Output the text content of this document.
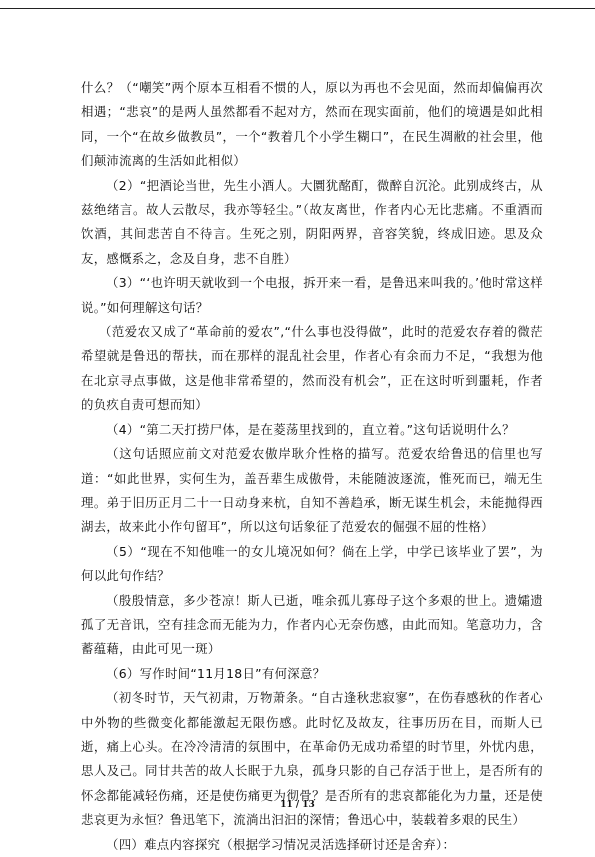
什么？（“嘲笑”两个原本互相看不惯的人，原以为再也不会见面，然而却偏偏再次相遇；“悲哀”的是两人虽然都看不起对方，然而在现实面前，他们的境遇是如此相同，一个“在故乡做教员”，一个“教着几个小学生糊口”，在民生凋敝的社会里，他们颠沛流离的生活如此相似）

（2）“把酒论当世，先生小酒人。大圜犹酩酊，微醉自沉沦。此别成终古，从兹绝绪言。故人云散尽，我亦等轻尘。”（故友离世，作者内心无比悲痛。不重酒而饮酒，其间悲苦自不待言。生死之别，阴阳两界，音容笑貌，终成旧迹。思及众友，感慨系之，念及自身，悲不自胜）

（3）“‘也许明天就收到一个电报，拆开来一看，是鲁迅来叫我的。’他时常这样说。”如何理解这句话？

（范爱农又成了“革命前的爱农”,“什么事也没得做”，此时的范爱农存着的微茫希望就是鲁迅的帮扶，而在那样的混乱社会里，作者心有余而力不足，“我想为他在北京寻点事做，这是他非常希望的，然而没有机会”，正在这时听到噩耗，作者的负疚自责可想而知）

（4）“第二天打捞尸体，是在菱荡里找到的，直立着。”这句话说明什么？

（这句话照应前文对范爱农傲岸耿介性格的描写。范爱农给鲁迅的信里也写道：“如此世界，实何生为，盖吾辈生成傲骨，未能随波逐流，惟死而已，端无生理。弟于旧历正月二十一日动身来杭，自知不善趋承，断无谋生机会，未能抛得西湖去，故来此小作句留耳”，所以这句话象征了范爱农的倔强不屈的性格）

（5）“现在不知他唯一的女儿境况如何？倘在上学，中学已该毕业了罢”，为何以此句作结？

（殷殷情意，多少苍凉！斯人已逝，唯余孤儿寡母子这个多艰的世上。遗孀遗孤了无音讯，空有挂念而无能为力，作者内心无奈伤感，由此而知。笔意功力，含蓄蕴藉，由此可见一斑）

（6）写作时间“11月18日”有何深意？

（初冬时节，天气初肃，万物萧条。“自古逢秋悲寂寥”，在伤春感秋的作者心中外物的些微变化都能激起无限伤感。此时忆及故友，往事历历在目，而斯人已逝，痛上心头。在冷冷清清的氛围中，在革命仍无成功希望的时节里，外忧内患，思人及己。同甘共苦的故人长眠于九泉，孤身只影的自己存活于世上，是否所有的怀念都能减轻伤痛，还是使伤痛更为彻骨？是否所有的悲哀都能化为力量，还是使悲哀更为永恒？鲁迅笔下，流淌出汩汩的深情；鲁迅心中，装载着多艰的民生）

（四）难点内容探究（根据学习情况灵活选择研讨还是舍弃）：

11 / 13
